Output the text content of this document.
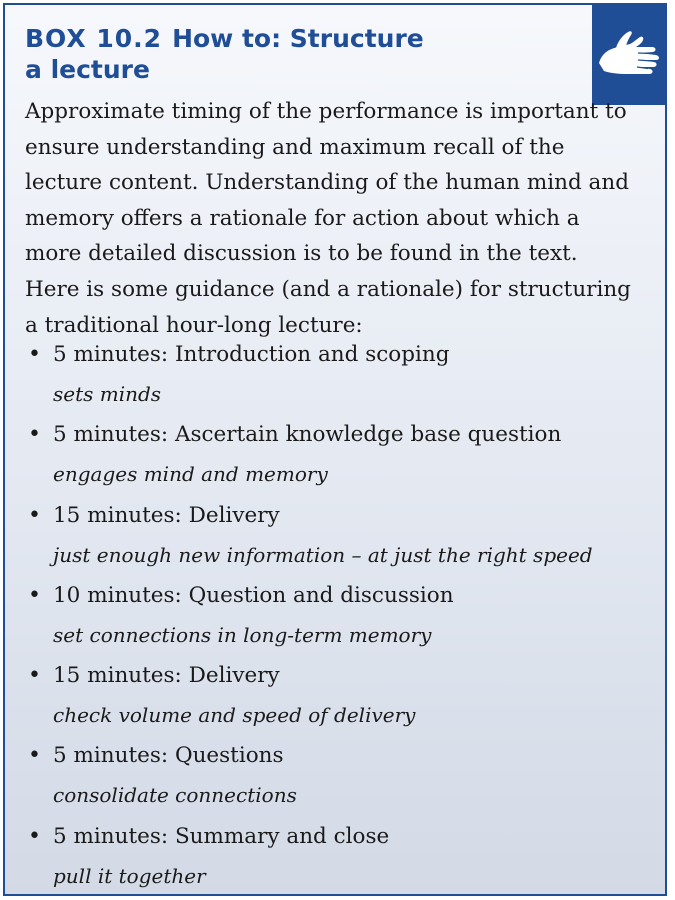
BOX 10.2 How to: Structure
a lecture

Approximate timing of the performance is important to ensure understanding and maximum recall of the lecture content. Understanding of the human mind and memory offers a rationale for action about which a more detailed discussion is to be found in the text. Here is some guidance (and a rationale) for structuring a traditional hour-long lecture:

• 5 minutes: Introduction and scoping
sets minds
• 5 minutes: Ascertain knowledge base question
engages mind and memory
• 15 minutes: Delivery
just enough new information – at just the right speed
• 10 minutes: Question and discussion
set connections in long-term memory
• 15 minutes: Delivery
check volume and speed of delivery
• 5 minutes: Questions
consolidate connections
• 5 minutes: Summary and close
pull it together
